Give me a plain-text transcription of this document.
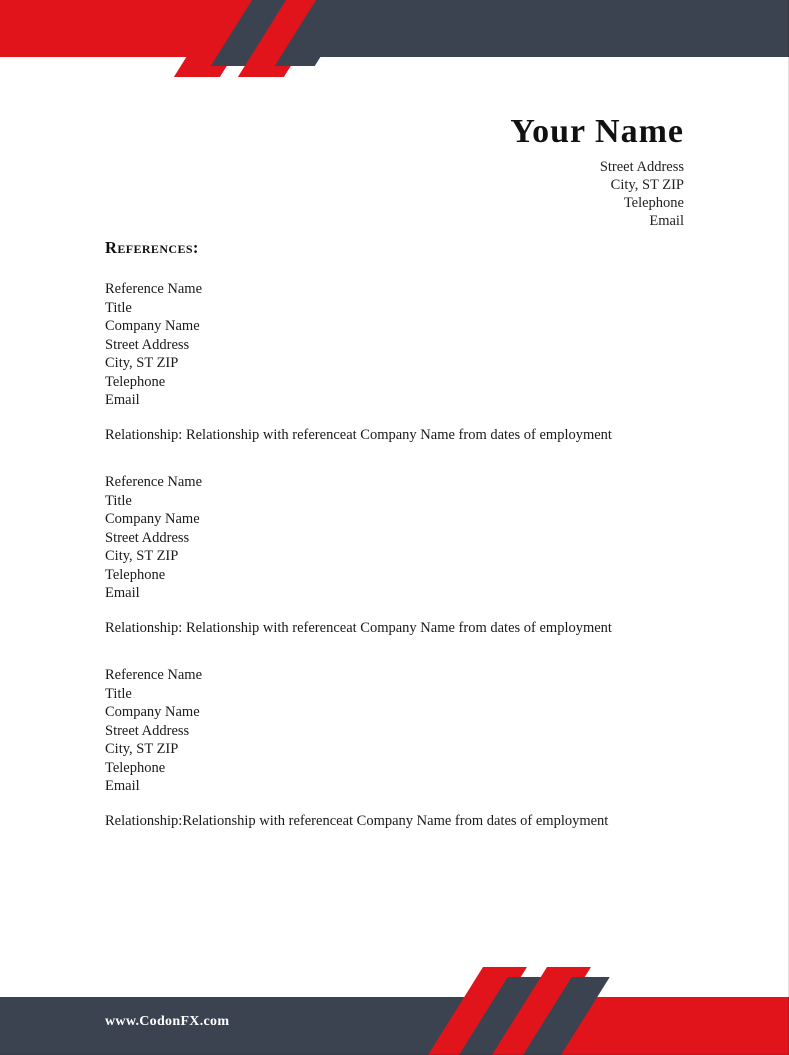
Your Name
Street Address
City, ST ZIP
Telephone
Email
References:
Reference Name
Title
Company Name
Street Address
City, ST ZIP
Telephone
Email
Relationship: Relationship with referenceat Company Name from dates of employment
Reference Name
Title
Company Name
Street Address
City, ST ZIP
Telephone
Email
Relationship: Relationship with referenceat Company Name from dates of employment
Reference Name
Title
Company Name
Street Address
City, ST ZIP
Telephone
Email
Relationship:Relationship with referenceat Company Name from dates of employment
www.CodonFX.com
